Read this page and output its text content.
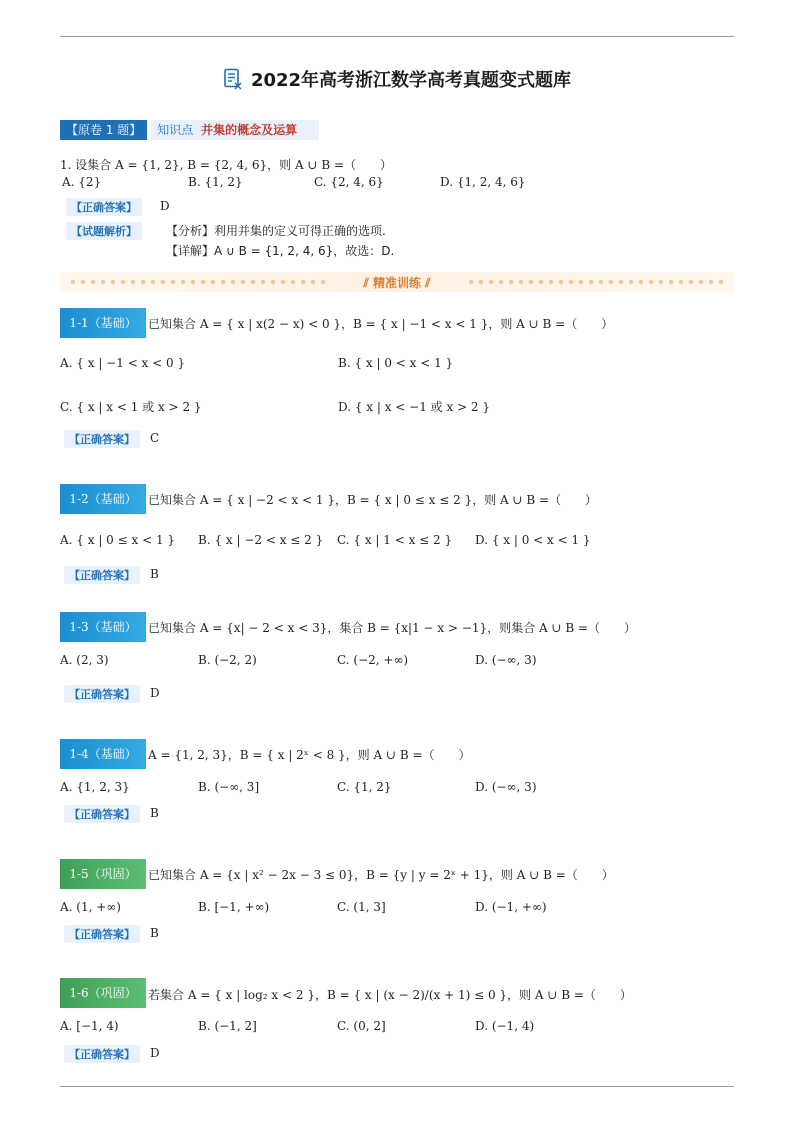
2022年高考浙江数学高考真题变式题库
【原卷 1 题】	知识点 并集的概念及运算
1. 设集合 A = {1, 2}, B = {2, 4, 6}，则 A ∪ B =（　　）
A. {2}	B. {1, 2}	C. {2, 4, 6}	D. {1, 2, 4, 6}
【正确答案】	D
【试题解析】	【分析】利用并集的定义可得正确的选项.
【详解】A ∪ B = {1, 2, 4, 6}，故选：D.
⫽ 精准训练 ⫽
1-1（基础） 已知集合 A = { x | x(2 − x) < 0 }，B = { x | −1 < x < 1 }，则 A ∪ B =（　　）
A. { x | −1 < x < 0 }	B. { x | 0 < x < 1 }
C. { x | x < 1 或 x > 2 }	D. { x | x < −1 或 x > 2 }
【正确答案】	C
1-2（基础） 已知集合 A = { x | −2 < x < 1 }，B = { x | 0 ≤ x ≤ 2 }，则 A ∪ B =（　　）
A. { x | 0 ≤ x < 1 } B. { x | −2 < x ≤ 2 } C. { x | 1 < x ≤ 2 } D. { x | 0 < x < 1 }
【正确答案】	B
1-3（基础） 已知集合 A = {x| − 2 < x < 3}，集合 B = {x|1 − x > −1}，则集合 A ∪ B =（　　）
A. (2, 3)	B. (−2, 2)	C. (−2, +∞)	D. (−∞, 3)
【正确答案】	D
1-4（基础） A = {1, 2, 3}，B = { x | 2ˣ < 8 }，则 A ∪ B =（　　）
A. {1, 2, 3}	B. (−∞, 3]	C. {1, 2}	D. (−∞, 3)
【正确答案】	B
1-5（巩固） 已知集合 A = {x | x² − 2x − 3 ≤ 0}，B = {y | y = 2ˣ + 1}，则 A ∪ B =（　　）
A. (1, +∞)	B. [−1, +∞)	C. (1, 3]	D. (−1, +∞)
【正确答案】	B
1-6（巩固） 若集合 A = { x | log₂ x < 2 }，B = { x | (x − 2)/(x + 1) ≤ 0 }，则 A ∪ B =（　　）
A. [−1, 4)	B. (−1, 2]	C. (0, 2]	D. (−1, 4)
【正确答案】	D
